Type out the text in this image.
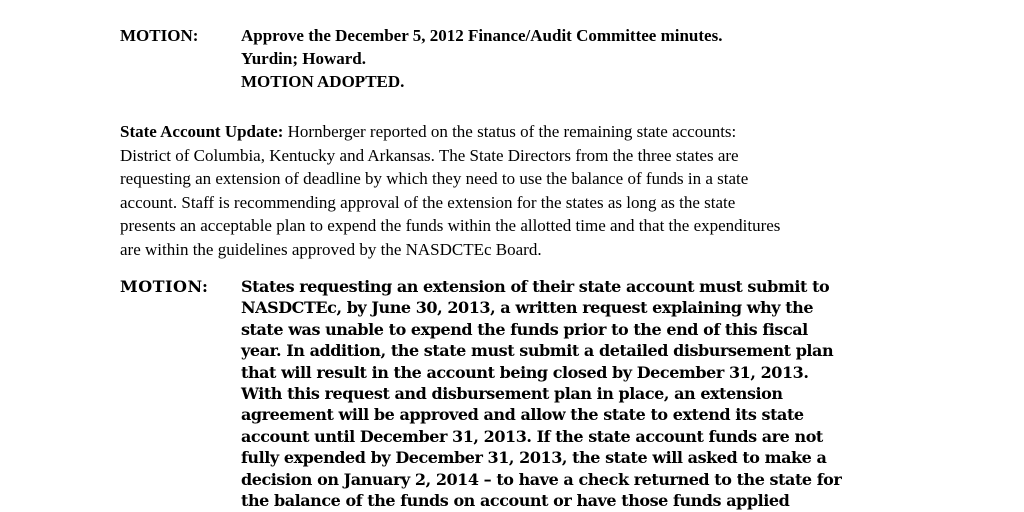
MOTION:	Approve the December 5, 2012 Finance/Audit Committee minutes.
Yurdin; Howard.
MOTION ADOPTED.
State Account Update: Hornberger reported on the status of the remaining state accounts:
District of Columbia, Kentucky and Arkansas. The State Directors from the three states are
requesting an extension of deadline by which they need to use the balance of funds in a state
account. Staff is recommending approval of the extension for the states as long as the state
presents an acceptable plan to expend the funds within the allotted time and that the expenditures
are within the guidelines approved by the NASDCTEc Board.
MOTION: States requesting an extension of their state account must submit to
NASDCTEc, by June 30, 2013, a written request explaining why the
state was unable to expend the funds prior to the end of this fiscal
year. In addition, the state must submit a detailed disbursement plan
that will result in the account being closed by December 31, 2013.
With this request and disbursement plan in place, an extension
agreement will be approved and allow the state to extend its state
account until December 31, 2013. If the state account funds are not
fully expended by December 31, 2013, the state will asked to make a
decision on January 2, 2014 – to have a check returned to the state for
the balance of the funds on account or have those funds applied
